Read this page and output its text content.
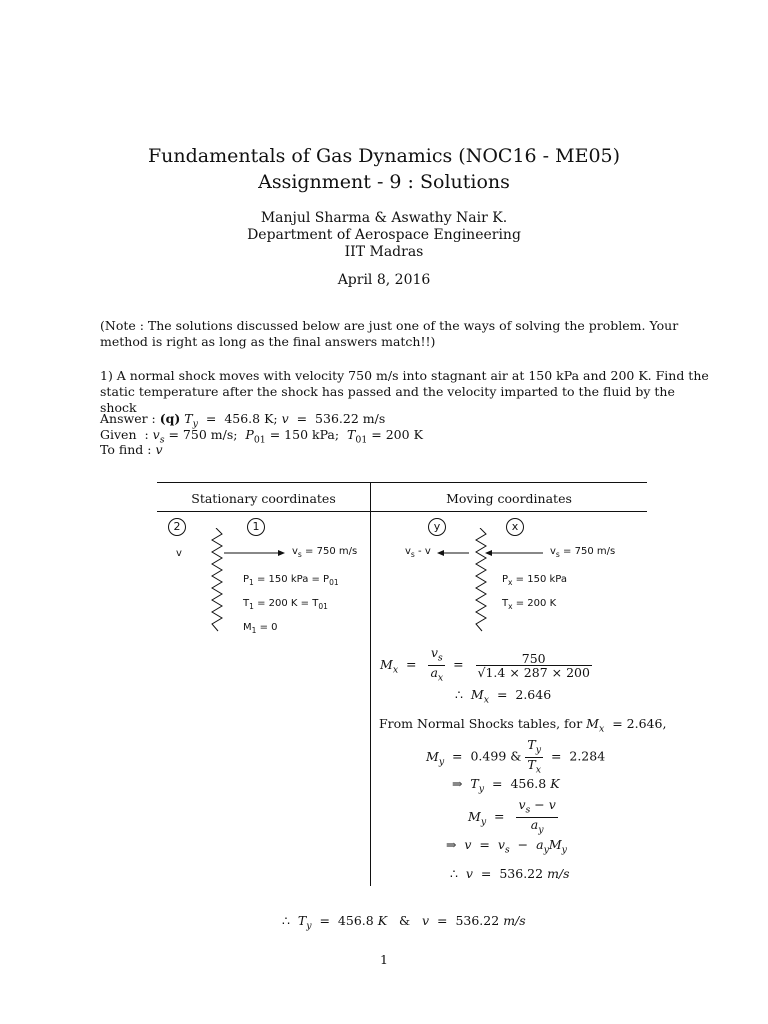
Fundamentals of Gas Dynamics (NOC16 - ME05)
Assignment - 9 : Solutions
Manjul Sharma & Aswathy Nair K.
Department of Aerospace Engineering
IIT Madras
April 8, 2016
(Note : The solutions discussed below are just one of the ways of solving the problem. Your method is right as long as the final answers match!!)
1) A normal shock moves with velocity 750 m/s into stagnant air at 150 kPa and 200 K. Find the static temperature after the shock has passed and the velocity imparted to the fluid by the shock
Answer : (q) $T_y = 456.8$ K; v  =  536.22 m/s
Given  : $v_s = 750$ m/s;  $P_{01} = 150$ kPa;  $T_{01} = 200$ K
To find : v
Stationary coordinates	Moving coordinates
2	1
v	$v_s = 750$ m/s
$P_1 = 150$ kPa = $P_{01}$
$T_1 = 200$ $K = T_{01}$
$M_1 = 0$
y	x
$v_s$ - v	$v_s = 750$ m/s
$P_x = 150$ kPa
$T_x = 200$ K
$M_x = \frac{v_s}{a_x} = \frac{750}{√1.4 \times 287 \times 200}$
∴  $M_x = 2.646$
From Normal Shocks tables, for $M_x = 2.646$,
$M_y = 0.499$ & $\frac{T_y}{T_x} = 2.284$
⇒  $T_y = 456.8$ K
$M_y = \frac{v_s - v}{a_y}$
⇒  $v = v_s - a_yM_y$
∴  v  =  536.22 m/s
∴  $T_y = 456.8$ K   &   v  =  536.22 m/s
1
